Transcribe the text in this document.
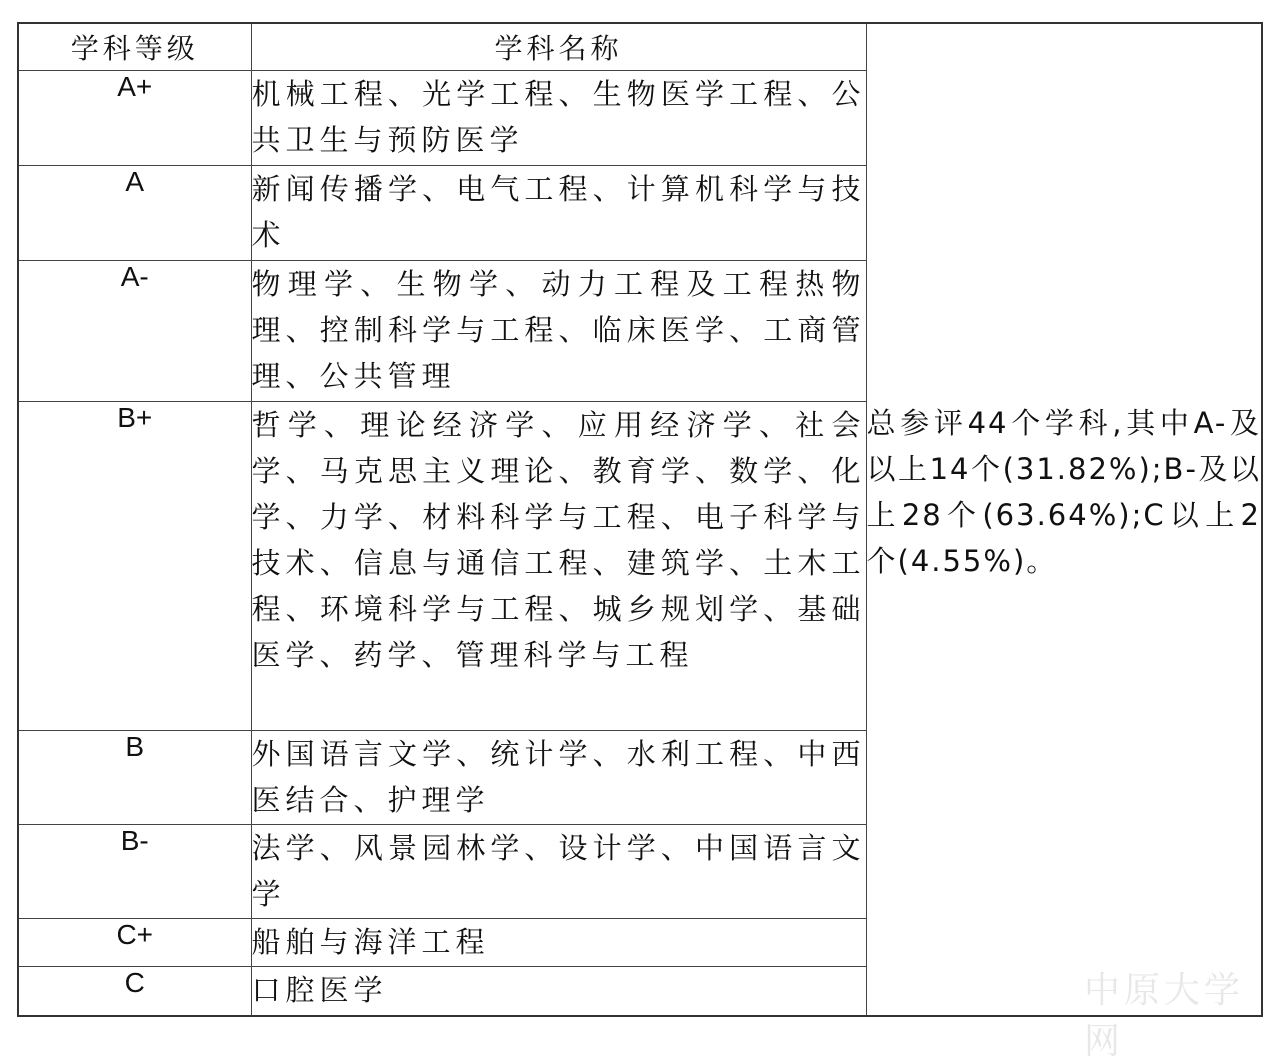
学科等级	学科名称	总参评44个学科,其中A-及以上14个(31.82%);B-及以上28个(63.64%);C以上2个(4.55%)。

A+	机械工程、光学工程、生物医学工程、公共卫生与预防医学	
A	新闻传播学、电气工程、计算机科学与技术	
A-	物理学、生物学、动力工程及工程热物理、控制科学与工程、临床医学、工商管理、公共管理	
B+	哲学、理论经济学、应用经济学、社会学、马克思主义理论、教育学、数学、化学、力学、材料科学与工程、电子科学与技术、信息与通信工程、建筑学、土木工程、环境科学与工程、城乡规划学、基础医学、药学、管理科学与工程	
B	外国语言文学、统计学、水利工程、中西医结合、护理学	
B-	法学、风景园林学、设计学、中国语言文学	
C+	船舶与海洋工程	
C	口腔医学		中原大学网
